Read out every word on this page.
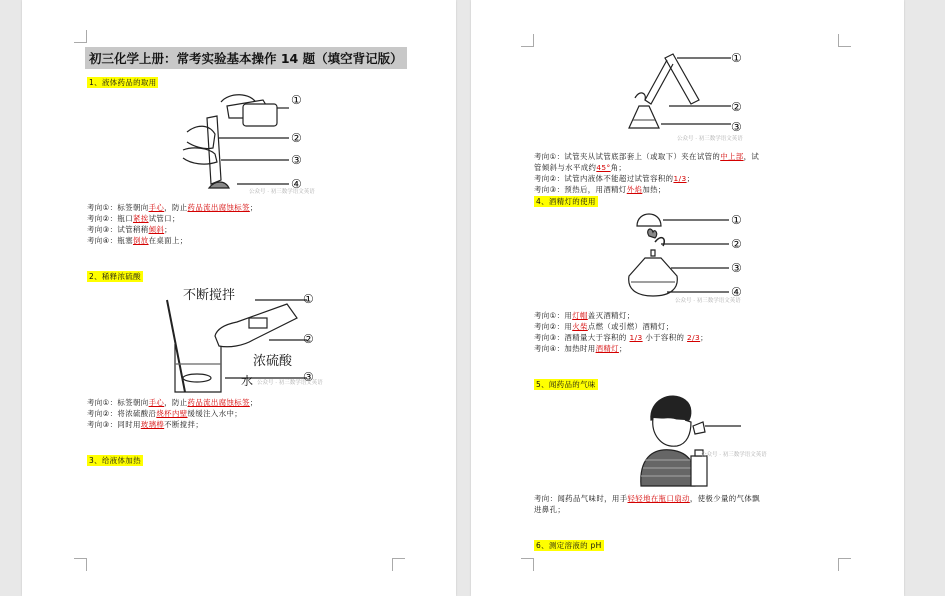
初三化学上册：常考实验基本操作 14 题（填空背记版）
1、液体药品的取用
①
②
③
④
公众号 · 初三数学语文英语
考向①：标签朝向手心，防止药品流出腐蚀标签；
考向②：瓶口紧挨试管口；
考向③：试管稍稍倾斜；
考向④：瓶塞倒放在桌面上；
2、稀释浓硫酸
不断搅拌
浓硫酸
水
①
②
③
公众号 · 初三数学语文英语
考向①：标签朝向手心，防止药品流出腐蚀标签；
考向②：将浓硫酸沿烧杯内壁缓缓注入水中；
考向③：同时用玻璃棒不断搅拌；
3、给液体加热
①
②
③
公众号 · 初三数学语文英语
考向①：试管夹从试管底部套上（或取下）夹在试管的中上部，试
管倾斜与水平成约45°角；
考向②：试管内液体不能超过试管容积的1/3；
考向③：预热后，用酒精灯外焰加热；
4、酒精灯的使用
①
②
③
④
公众号 · 初三数学语文英语
考向①：用灯帽盖灭酒精灯；
考向②：用火柴点燃（或引燃）酒精灯；
考向③：酒精量大于容积的 1/3 小于容积的 2/3；
考向④：加热时用酒精灯；
5、闻药品的气味
公众号 · 初三数学语文英语
考向：闻药品气味时，用手轻轻地在瓶口扇动，使极少量的气体飘
进鼻孔；
6、测定溶液的 pH
